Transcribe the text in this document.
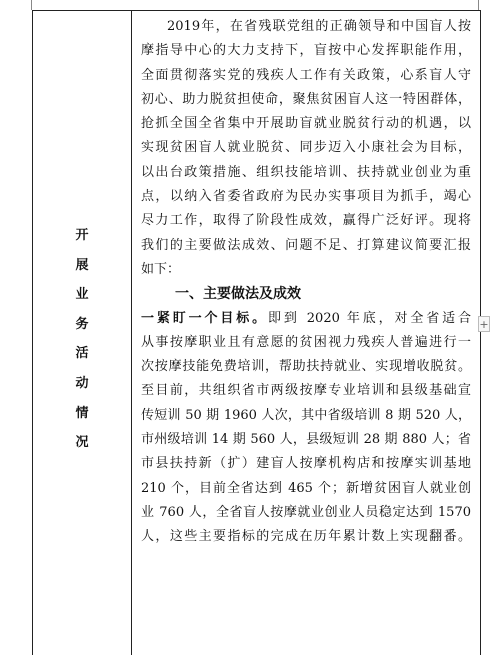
开
展
业
务
活
动
情
况
2019年，在省残联党组的正确领导和中国盲人按
摩指导中心的大力支持下，盲按中心发挥职能作用，
全面贯彻落实党的残疾人工作有关政策，心系盲人守
初心、助力脱贫担使命，聚焦贫困盲人这一特困群体，
抢抓全国全省集中开展助盲就业脱贫行动的机遇，以
实现贫困盲人就业脱贫、同步迈入小康社会为目标，
以出台政策措施、组织技能培训、扶持就业创业为重
点，以纳入省委省政府为民办实事项目为抓手，竭心
尽力工作，取得了阶段性成效，赢得广泛好评。现将
我们的主要做法成效、问题不足、打算建议简要汇报
如下：
一、主要做法及成效
一紧盯一个目标。即到 2020 年底，对全省适合
从事按摩职业且有意愿的贫困视力残疾人普遍进行一
次按摩技能免费培训，帮助扶持就业、实现增收脱贫。
至目前，共组织省市两级按摩专业培训和县级基础宣
传短训 50 期 1960 人次，其中省级培训 8 期 520 人，
市州级培训 14 期 560 人，县级短训 28 期 880 人；省
市县扶持新（扩）建盲人按摩机构店和按摩实训基地
210 个，目前全省达到 465 个；新增贫困盲人就业创
业 760 人，全省盲人按摩就业创业人员稳定达到 1570
人，这些主要指标的完成在历年累计数上实现翻番。
+
